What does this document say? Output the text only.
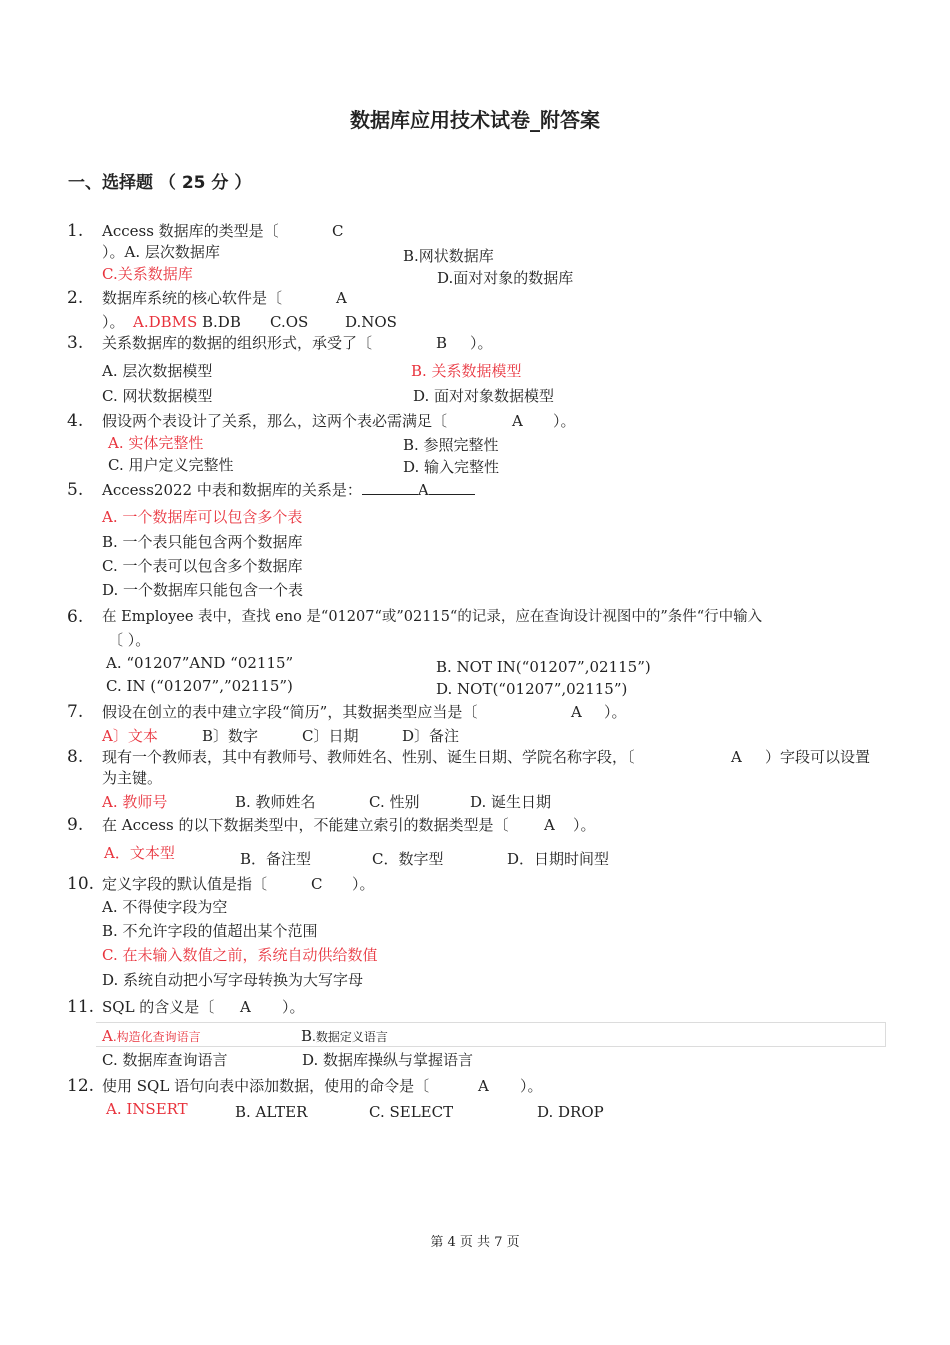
数据库应用技术试卷_附答案
一、选择题 （ 25 分 ）
1. Access 数据库的类型是〔	C
）。A. 层次数据库	B.网状数据库
C.关系数据库	D.面对对象的数据库
2. 数据库系统的核心软件是〔	A
）。 A.DBMS B.DB C.OS D.NOS
3. 关系数据库的数据的组织形式，承受了〔	B ）。
A. 层次数据模型	B. 关系数据模型
C. 网状数据模型	D. 面对对象数据模型
4. 假设两个表设计了关系，那么，这两个表必需满足〔	A ）。
A. 实体完整性	B. 参照完整性
C. 用户定义完整性	D. 输入完整性
5. Access2022 中表和数据库的关系是：	A
A. 一个数据库可以包含多个表
B. 一个表只能包含两个数据库
C. 一个表可以包含多个数据库
D. 一个数据库只能包含一个表
6. 在 Employee 表中，查找 eno 是“01207“或”02115“的记录，应在查询设计视图中的”条件“行中输入
〔 ）。
A. “01207”AND “02115”	B. NOT IN(“01207”,02115”)
C. IN (“01207”,”02115”)	D. NOT(“01207”,02115”)
7. 假设在创立的表中建立字段“简历”，其数据类型应当是〔	A ）。
A〕文本	B〕数字	C〕日期	D〕备注
8. 现有一个教师表，其中有教师号、教师姓名、性别、诞生日期、学院名称字段，〔	A ）字段可以设置
为主键。
A. 教师号	B. 教师姓名	C. 性别	D. 诞生日期
9. 在 Access 的以下数据类型中，不能建立索引的数据类型是〔 A ）。
A．文本型	B．备注型	C．数字型	D．日期时间型
10. 定义字段的默认值是指〔	C ）。
A. 不得使字段为空
B. 不允许字段的值超出某个范围
C. 在未输入数值之前，系统自动供给数值
D. 系统自动把小写字母转换为大写字母
11. SQL 的含义是〔 A ）。
A.构造化查询语言	B.数据定义语言
C. 数据库查询语言	D. 数据库操纵与掌握语言
12. 使用 SQL 语句向表中添加数据，使用的命令是〔	A ）。
A. INSERT	B. ALTER	C. SELECT	D. DROP
第 4 页 共 7 页
